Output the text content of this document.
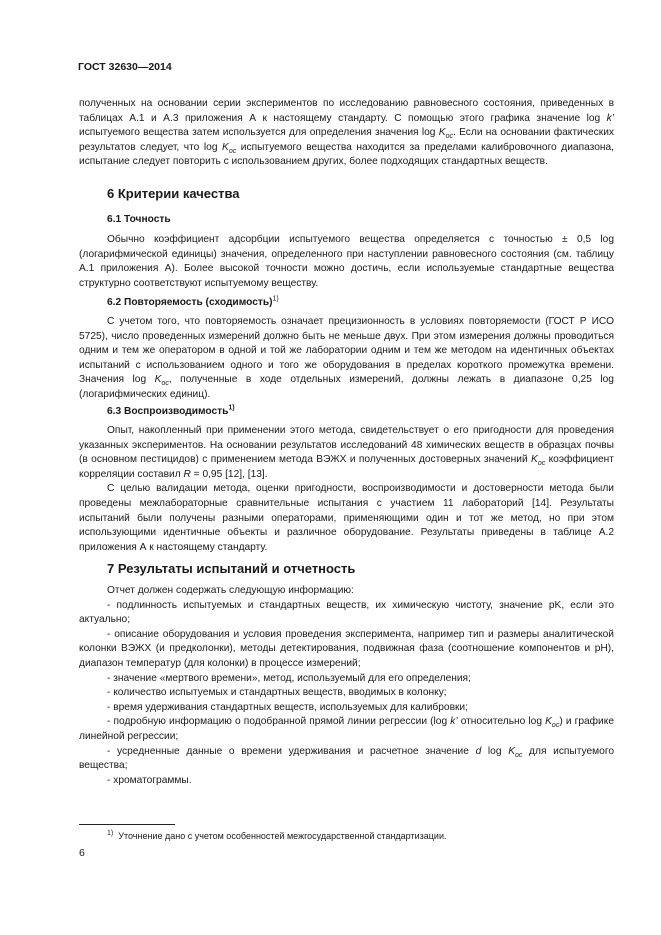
ГОСТ 32630—2014

полученных на основании серии экспериментов по исследованию равновесного состояния, приведенных в таблицах А.1 и А.3 приложения А к настоящему стандарту. С помощью этого графика значение log k’ испытуемого вещества затем используется для определения значения $\log K_{oc}$. Если на основании фактических результатов следует, что $\log K_{oc}$ испытуемого вещества находится за пределами калибровочного диапазона, испытание следует повторить с использованием других, более подходящих стандартных веществ.

6 Критерии качества
6.1 Точность

Обычно коэффициент адсорбции испытуемого вещества определяется с точностью ± 0,5 log (логарифмической единицы) значения, определенного при наступлении равновесного состояния (см. таблицу А.1 приложения А). Более высокой точности можно достичь, если используемые стандартные вещества структурно соответствуют испытуемому веществу.

6.2 Повторяемость (сходимость)$^{1)}$

С учетом того, что повторяемость означает прецизионность в условиях повторяемости (ГОСТ Р ИСО 5725), число проведенных измерений должно быть не меньше двух. При этом измерения должны проводиться одним и тем же оператором в одной и той же лаборатории одним и тем же методом на идентичных объектах испытаний с использованием одного и того же оборудования в пределах короткого промежутка времени. Значения $\log K_{oc}$, полученные в ходе отдельных измерений, должны лежать в диапазоне 0,25 log (логарифмических единиц).

6.3 Воспроизводимость$^{1)}$

Опыт, накопленный при применении этого метода, свидетельствует о его пригодности для проведения указанных экспериментов. На основании результатов исследований 48 химических веществ в образцах почвы (в основном пестицидов) с применением метода ВЭЖХ и полученных достоверных значений $K_{oc}$ коэффициент корреляции составил R = 0,95 [12], [13].

С целью валидации метода, оценки пригодности, воспроизводимости и достоверности метода были проведены межлабораторные сравнительные испытания с участием 11 лабораторий [14]. Результаты испытаний были получены разными операторами, применяющими один и тот же метод, но при этом использующими идентичные объекты и различное оборудование. Результаты приведены в таблице А.2 приложения А к настоящему стандарту.

7 Результаты испытаний и отчетность

Отчет должен содержать следующую информацию:

- подлинность испытуемых и стандартных веществ, их химическую чистоту, значение pK, если это актуально;

- описание оборудования и условия проведения эксперимента, например тип и размеры аналитической колонки ВЭЖХ (и предколонки), методы детектирования, подвижная фаза (соотношение компонентов и pH), диапазон температур (для колонки) в процессе измерений;

- значение «мертвого времени», метод, используемый для его определения;

- количество испытуемых и стандартных веществ, вводимых в колонку;

- время удерживания стандартных веществ, используемых для калибровки;

- подробную информацию о подобранной прямой линии регрессии (log k’ относительно $\log K_{oc}$) и графике линейной регрессии;

- усредненные данные о времени удерживания и расчетное значение d $\log K_{oc}$ для испытуемого вещества;

- хроматограммы.

$^{1)}$ Уточнение дано с учетом особенностей межгосударственной стандартизации.
6
